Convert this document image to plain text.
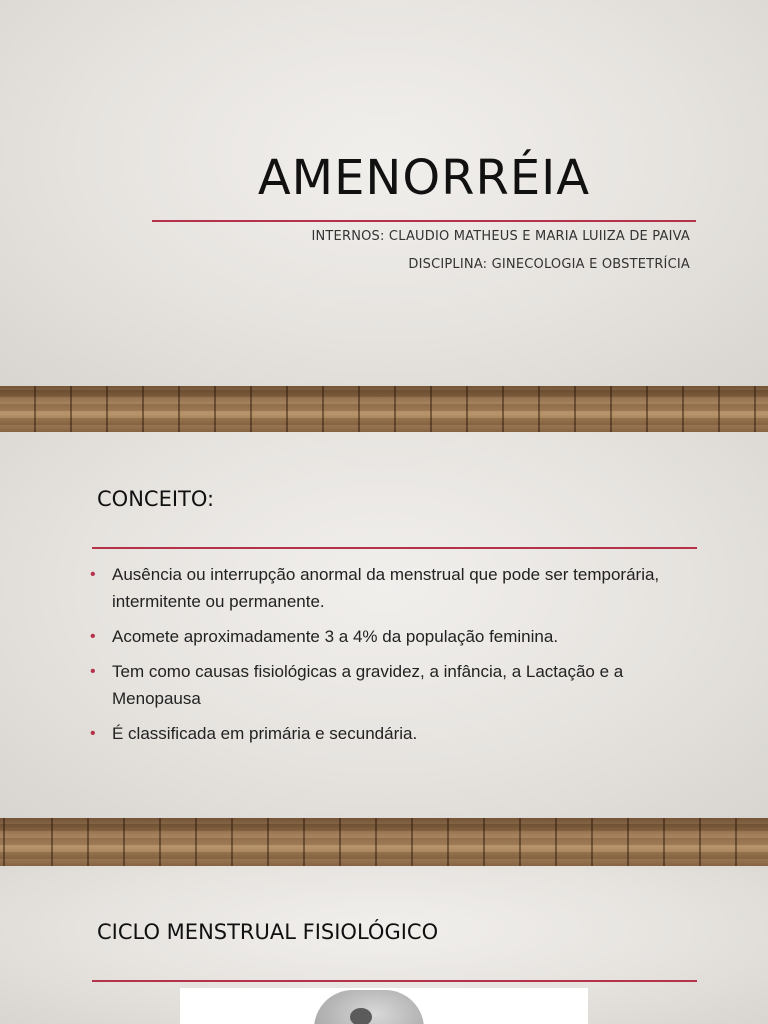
AMENORRÉIA
INTERNOS: CLAUDIO MATHEUS E MARIA LUIIZA DE PAIVA
DISCIPLINA: GINECOLOGIA E OBSTETRÍCIA
CONCEITO:
• Ausência ou interrupção anormal da menstrual que pode ser temporária, intermitente ou permanente.
• Acomete aproximadamente 3 a 4% da população feminina.
• Tem como causas fisiológicas a gravidez, a infância, a Lactação e a Menopausa
• É classificada em primária e secundária.
CICLO MENSTRUAL FISIOLÓGICO
